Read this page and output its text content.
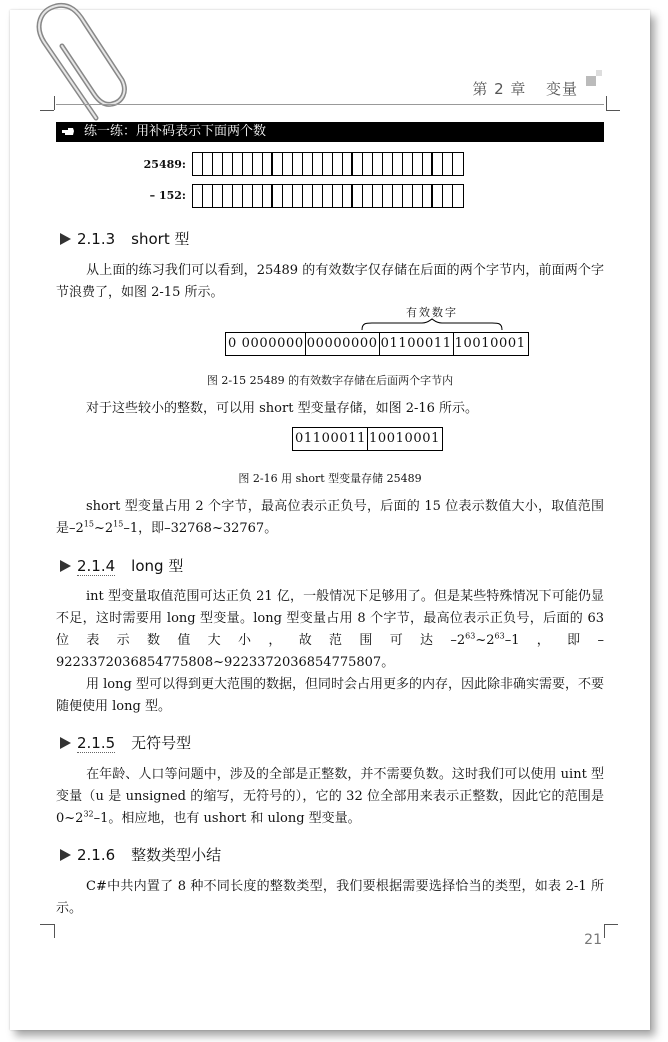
第 2 章 变量
练一练：用补码表示下面两个数
25489:
– 152:
2.1.3 short 型
从上面的练习我们可以看到，25489 的有效数字仅存储在后面的两个字节内，前面两个字节浪费了，如图 2-15 所示。
有效数字
0 0000000 00000000 01100011 10010001
图 2-15 25489 的有效数字存储在后面两个字节内
对于这些较小的整数，可以用 short 型变量存储，如图 2-16 所示。
01100011 10010001
图 2-16 用 short 型变量存储 25489
short 型变量占用 2 个字节，最高位表示正负号，后面的 15 位表示数值大小，取值范围是$-2^{15}\sim 2^{15}-1$，即–32768~32767。
2.1.4 long 型
int 型变量取值范围可达正负 21 亿，一般情况下足够用了。但是某些特殊情况下可能仍显不足，这时需要用 long 型变量。long 型变量占用 8 个字节，最高位表示正负号，后面的 63 位表示数值大小，故范围可达$-2^{63}\sim 2^{63}-1$，即–9223372036854775808~9223372036854775807。
用 long 型可以得到更大范围的数据，但同时会占用更多的内存，因此除非确实需要，不要随便使用 long 型。
2.1.5 无符号型
在年龄、人口等问题中，涉及的全部是正整数，并不需要负数。这时我们可以使用 uint 型变量（u 是 unsigned 的缩写，无符号的），它的 32 位全部用来表示正整数，因此它的范围是 $0\sim 2^{32}-1$。相应地，也有 ushort 和 ulong 型变量。
2.1.6 整数类型小结
C#中共内置了 8 种不同长度的整数类型，我们要根据需要选择恰当的类型，如表 2-1 所示。
21
